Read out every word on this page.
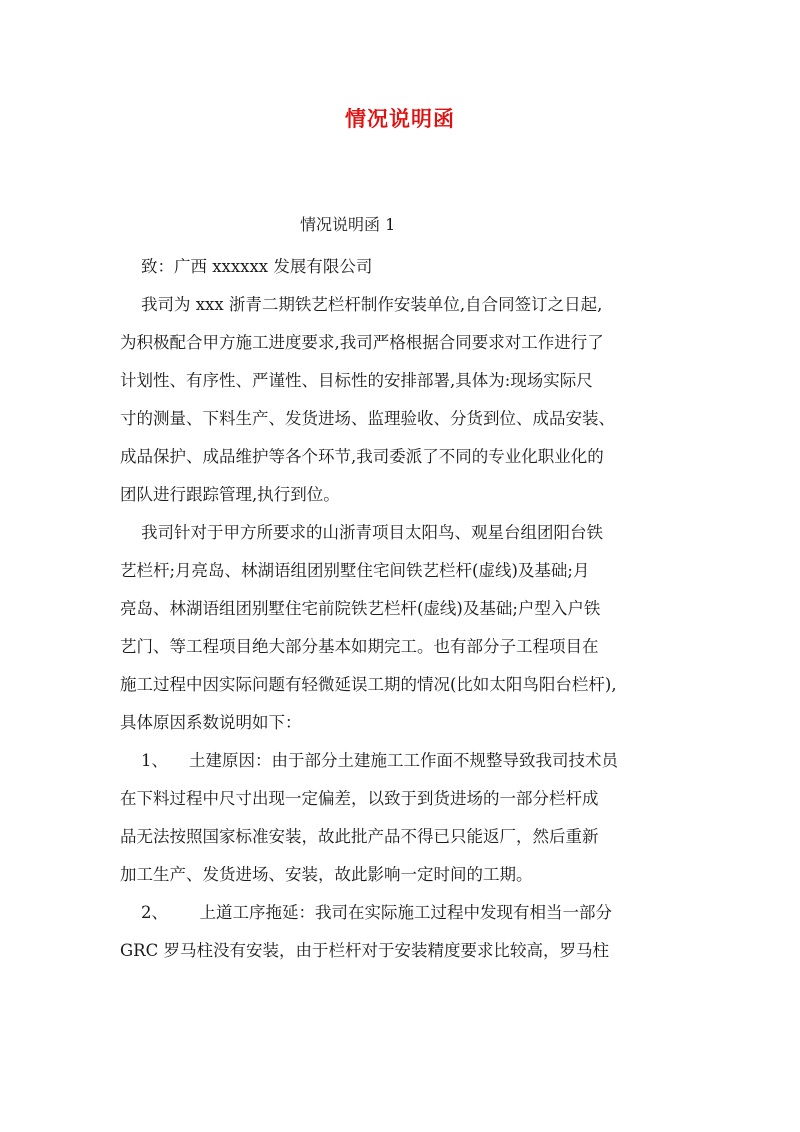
情况说明函
情况说明函 1
致：广西 xxxxxx 发展有限公司
我司为 xxx 浙青二期铁艺栏杆制作安装单位,自合同签订之日起,
为积极配合甲方施工进度要求,我司严格根据合同要求对工作进行了
计划性、有序性、严谨性、目标性的安排部署,具体为:现场实际尺
寸的测量、下料生产、发货进场、监理验收、分货到位、成品安装、
成品保护、成品维护等各个环节,我司委派了不同的专业化职业化的
团队进行跟踪管理,执行到位。
我司针对于甲方所要求的山浙青项目太阳鸟、观星台组团阳台铁
艺栏杆;月亮岛、林湖语组团别墅住宅间铁艺栏杆(虚线)及基础;月
亮岛、林湖语组团别墅住宅前院铁艺栏杆(虚线)及基础;户型入户铁
艺门、等工程项目绝大部分基本如期完工。也有部分子工程项目在
施工过程中因实际问题有轻微延误工期的情况(比如太阳鸟阳台栏杆),
具体原因系数说明如下：
1、    土建原因：由于部分土建施工工作面不规整导致我司技术员
在下料过程中尺寸出现一定偏差，以致于到货进场的一部分栏杆成
品无法按照国家标准安装，故此批产品不得已只能返厂，然后重新
加工生产、发货进场、安装，故此影响一定时间的工期。
2、      上道工序拖延：我司在实际施工过程中发现有相当一部分
GRC 罗马柱没有安装，由于栏杆对于安装精度要求比较高，罗马柱
